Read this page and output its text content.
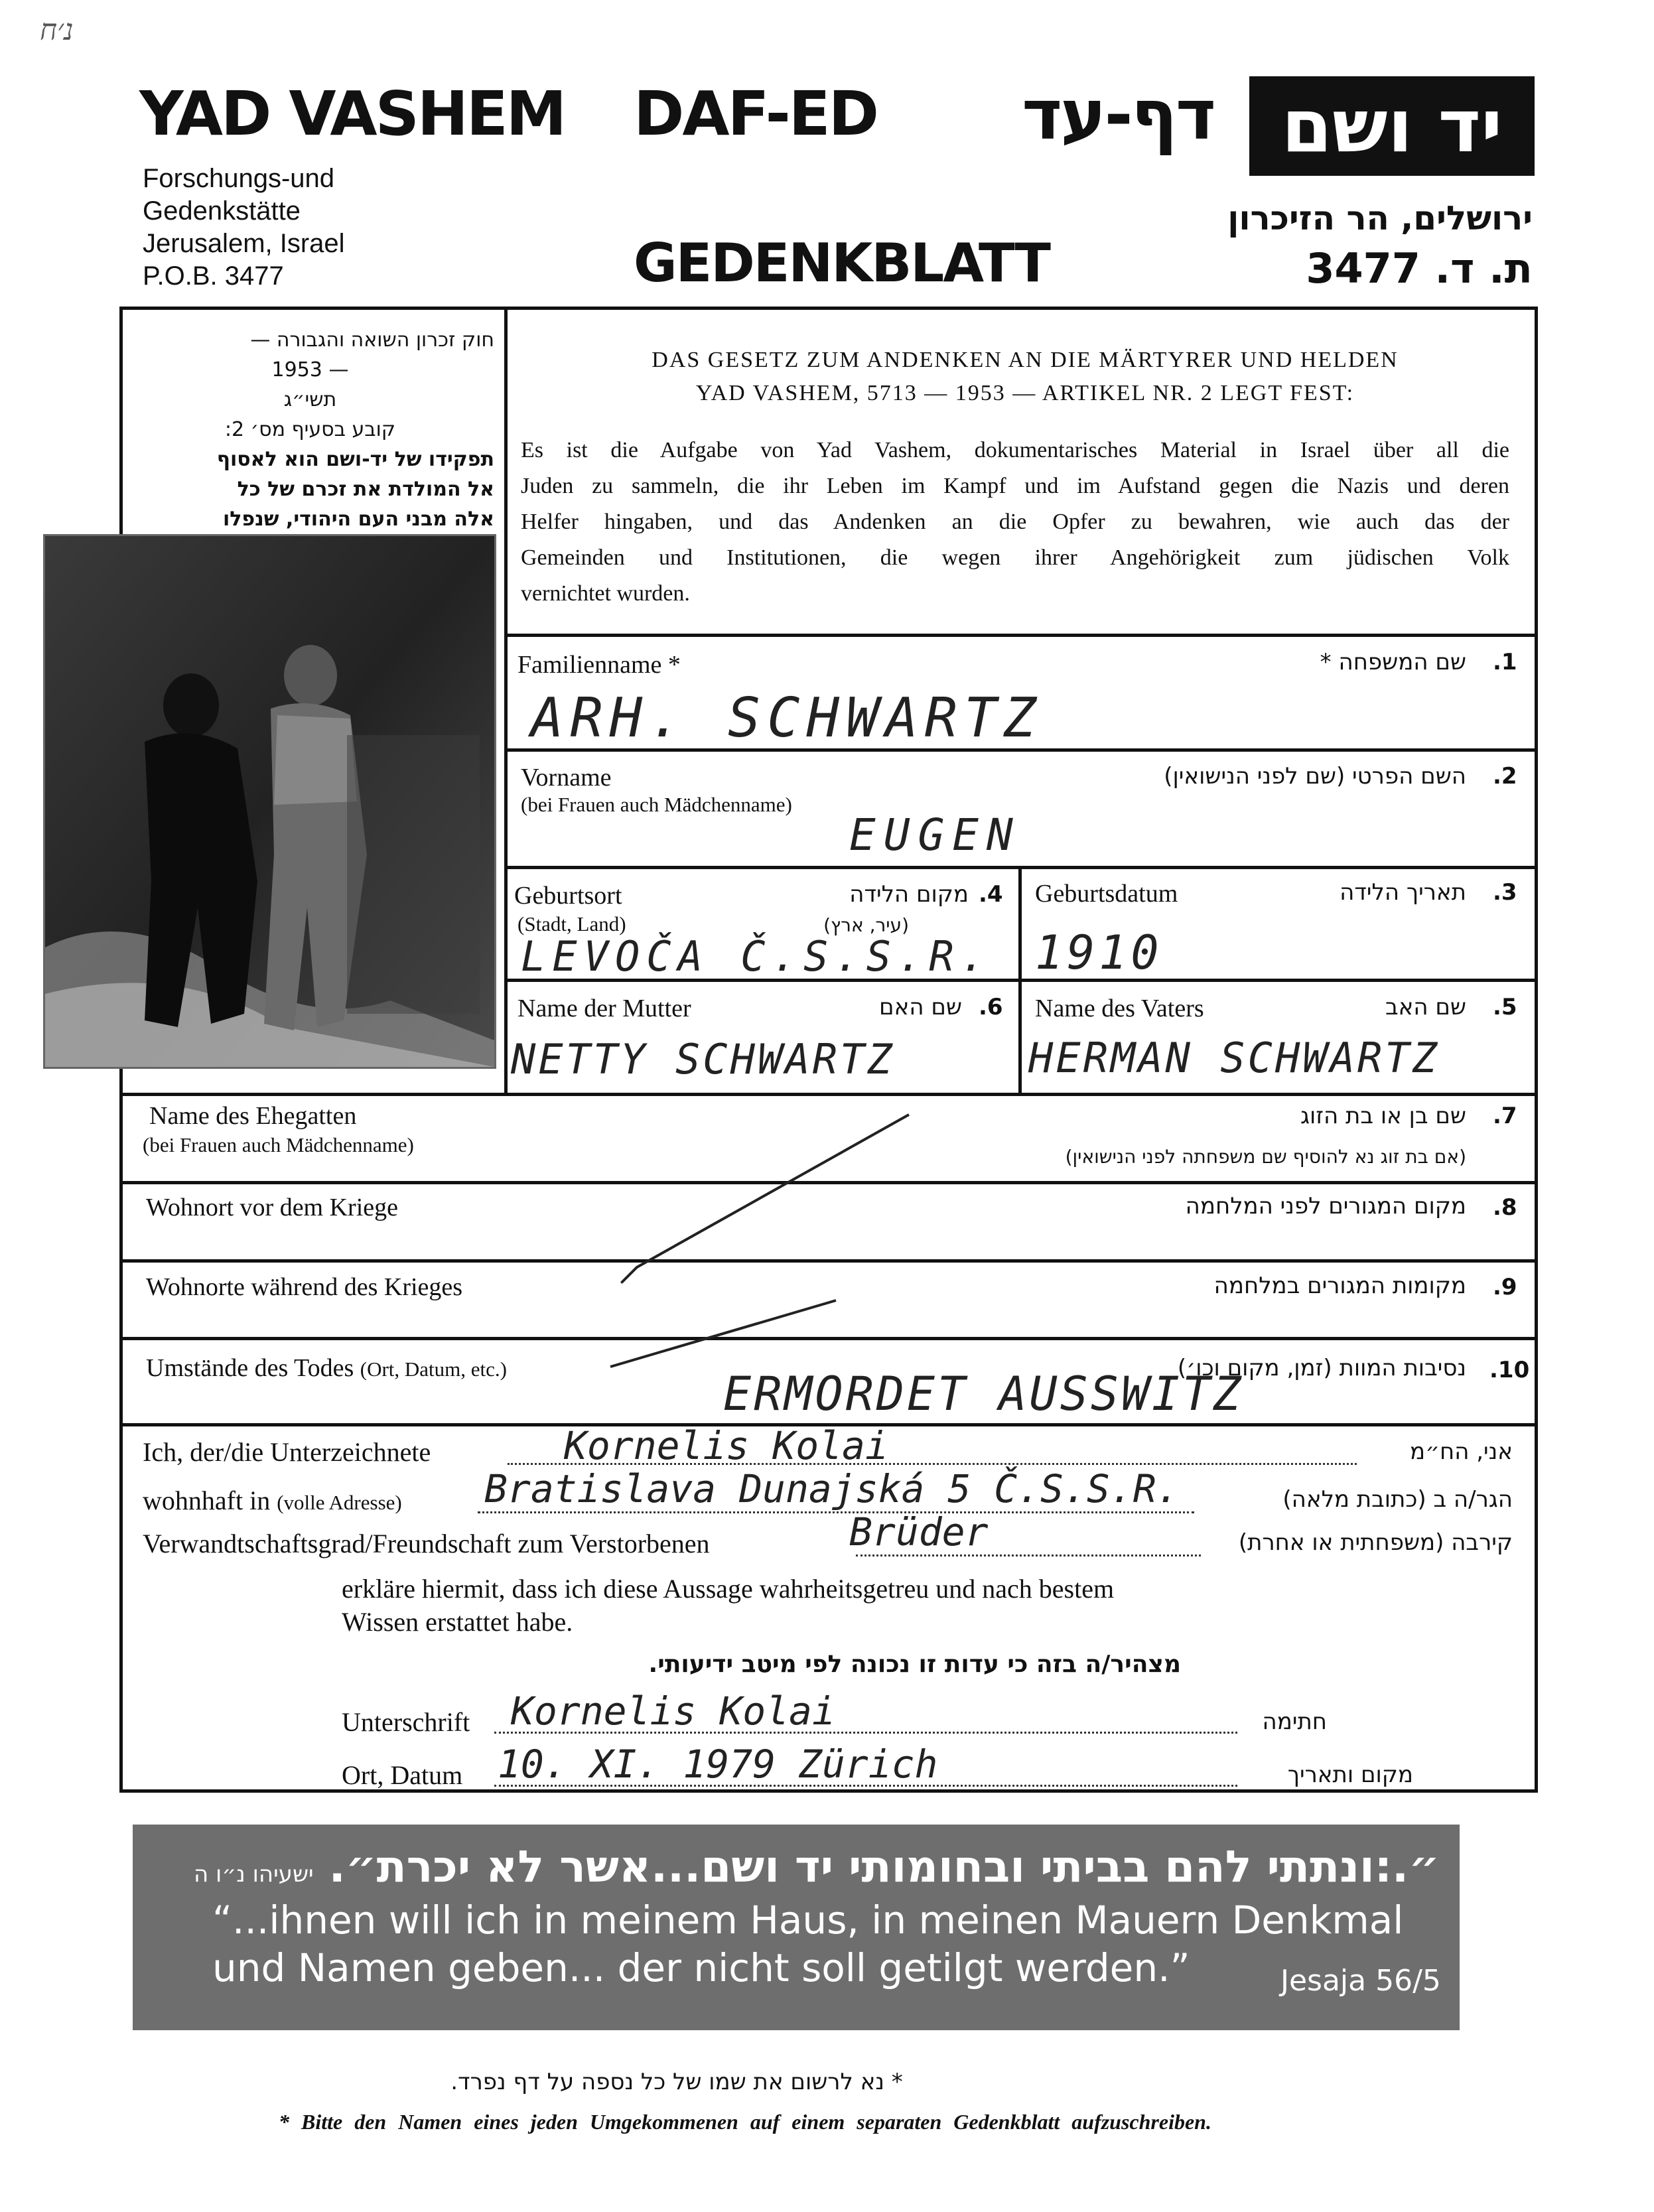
נ׳ח
YAD VASHEM DAF-ED	דף-עד יד ושם
Forschungs-und
Gedenkstätte
Jerusalem, Israel
P.O.B. 3477
ירושלים, הר הזיכרון
ת. ד. 3477
GEDENKBLATT
חוק זכרון השואה והגבורה —
— 1953
תשי״ג
קובע בסעיף מס׳ 2:
תפקידו של יד-ושם הוא לאסוף
אל המולדת את זכרם של כל
אלה מבני העם היהודי, שנפלו
DAS GESETZ ZUM ANDENKEN AN DIE MÄRTYRER UND HELDEN
YAD VASHEM, 5713 — 1953 — ARTIKEL NR. 2 LEGT FEST:
Es ist die Aufgabe von Yad Vashem, dokumentarisches Material in Israel über all die
Juden zu sammeln, die ihr Leben im Kampf und im Aufstand gegen die Nazis und deren
Helfer hingaben, und das Andenken an die Opfer zu bewahren, wie auch das der
Gemeinden und Institutionen, die wegen ihrer Angehörigkeit zum jüdischen Volk
vernichtet wurden.
Familienname *	שם המשפחה * .1
ARH. SCHWARTZ
Vorname
(bei Frauen auch Mädchenname)
השם הפרטי (שם לפני הנישואין) .2
EUGEN
Geburtsort
(Stadt, Land)
מקום הלידה
(עיר, ארץ)
.4
LEVOČA Č.S.S.R.
Geburtsdatum	תאריך הלידה .3
1910
Name der Mutter	שם האם .6
NETTY SCHWARTZ
Name des Vaters	שם האב .5
HERMAN SCHWARTZ
Name des Ehegatten
(bei Frauen auch Mädchenname)
שם בן או בת הזוג
(אם בת זוג נא להוסיף שם משפחתה לפני הנישואין)
.7
Wohnort vor dem Kriege	מקום המגורים לפני המלחמה .8
Wohnorte während des Krieges	מקומות המגורים במלחמה .9
Umstände des Todes (Ort, Datum, etc.)	נסיבות המוות (זמן, מקום וכו׳) .10
ERMORDET AUSSWITZ
Ich, der/die Unterzeichnete	Kornelis Kolai	אני, הח״מ
wohnhaft in (volle Adresse) Bratislava Dunajská 5 Č.S.S.R.	הגר/ה ב (כתובת מלאה)
Verwandtschaftsgrad/Freundschaft zum Verstorbenen	Brüder	קירבה (משפחתית או אחרת)
erkläre hiermit, dass ich diese Aussage wahrheitsgetreu und nach bestem
Wissen erstattet habe.
מצהיר/ה בזה כי עדות זו נכונה לפי מיטב ידיעותי.
Unterschrift Kornelis Kolai	חתימה
Ort, Datum 10. XI. 1979 Zürich	מקום ותאריך
״.:ונתתי להם בביתי ובחומותי יד ושם...אשר לא יכרת״. ישעיהו נ״ו ה
“...ihnen will ich in meinem Haus, in meinen Mauern Denkmal
und Namen geben... der nicht soll getilgt werden.”	Jesaja 56/5
* נא לרשום את שמו של כל נספה על דף נפרד.
* Bitte den Namen eines jeden Umgekommenen auf einem separaten Gedenkblatt aufzuschreiben.
